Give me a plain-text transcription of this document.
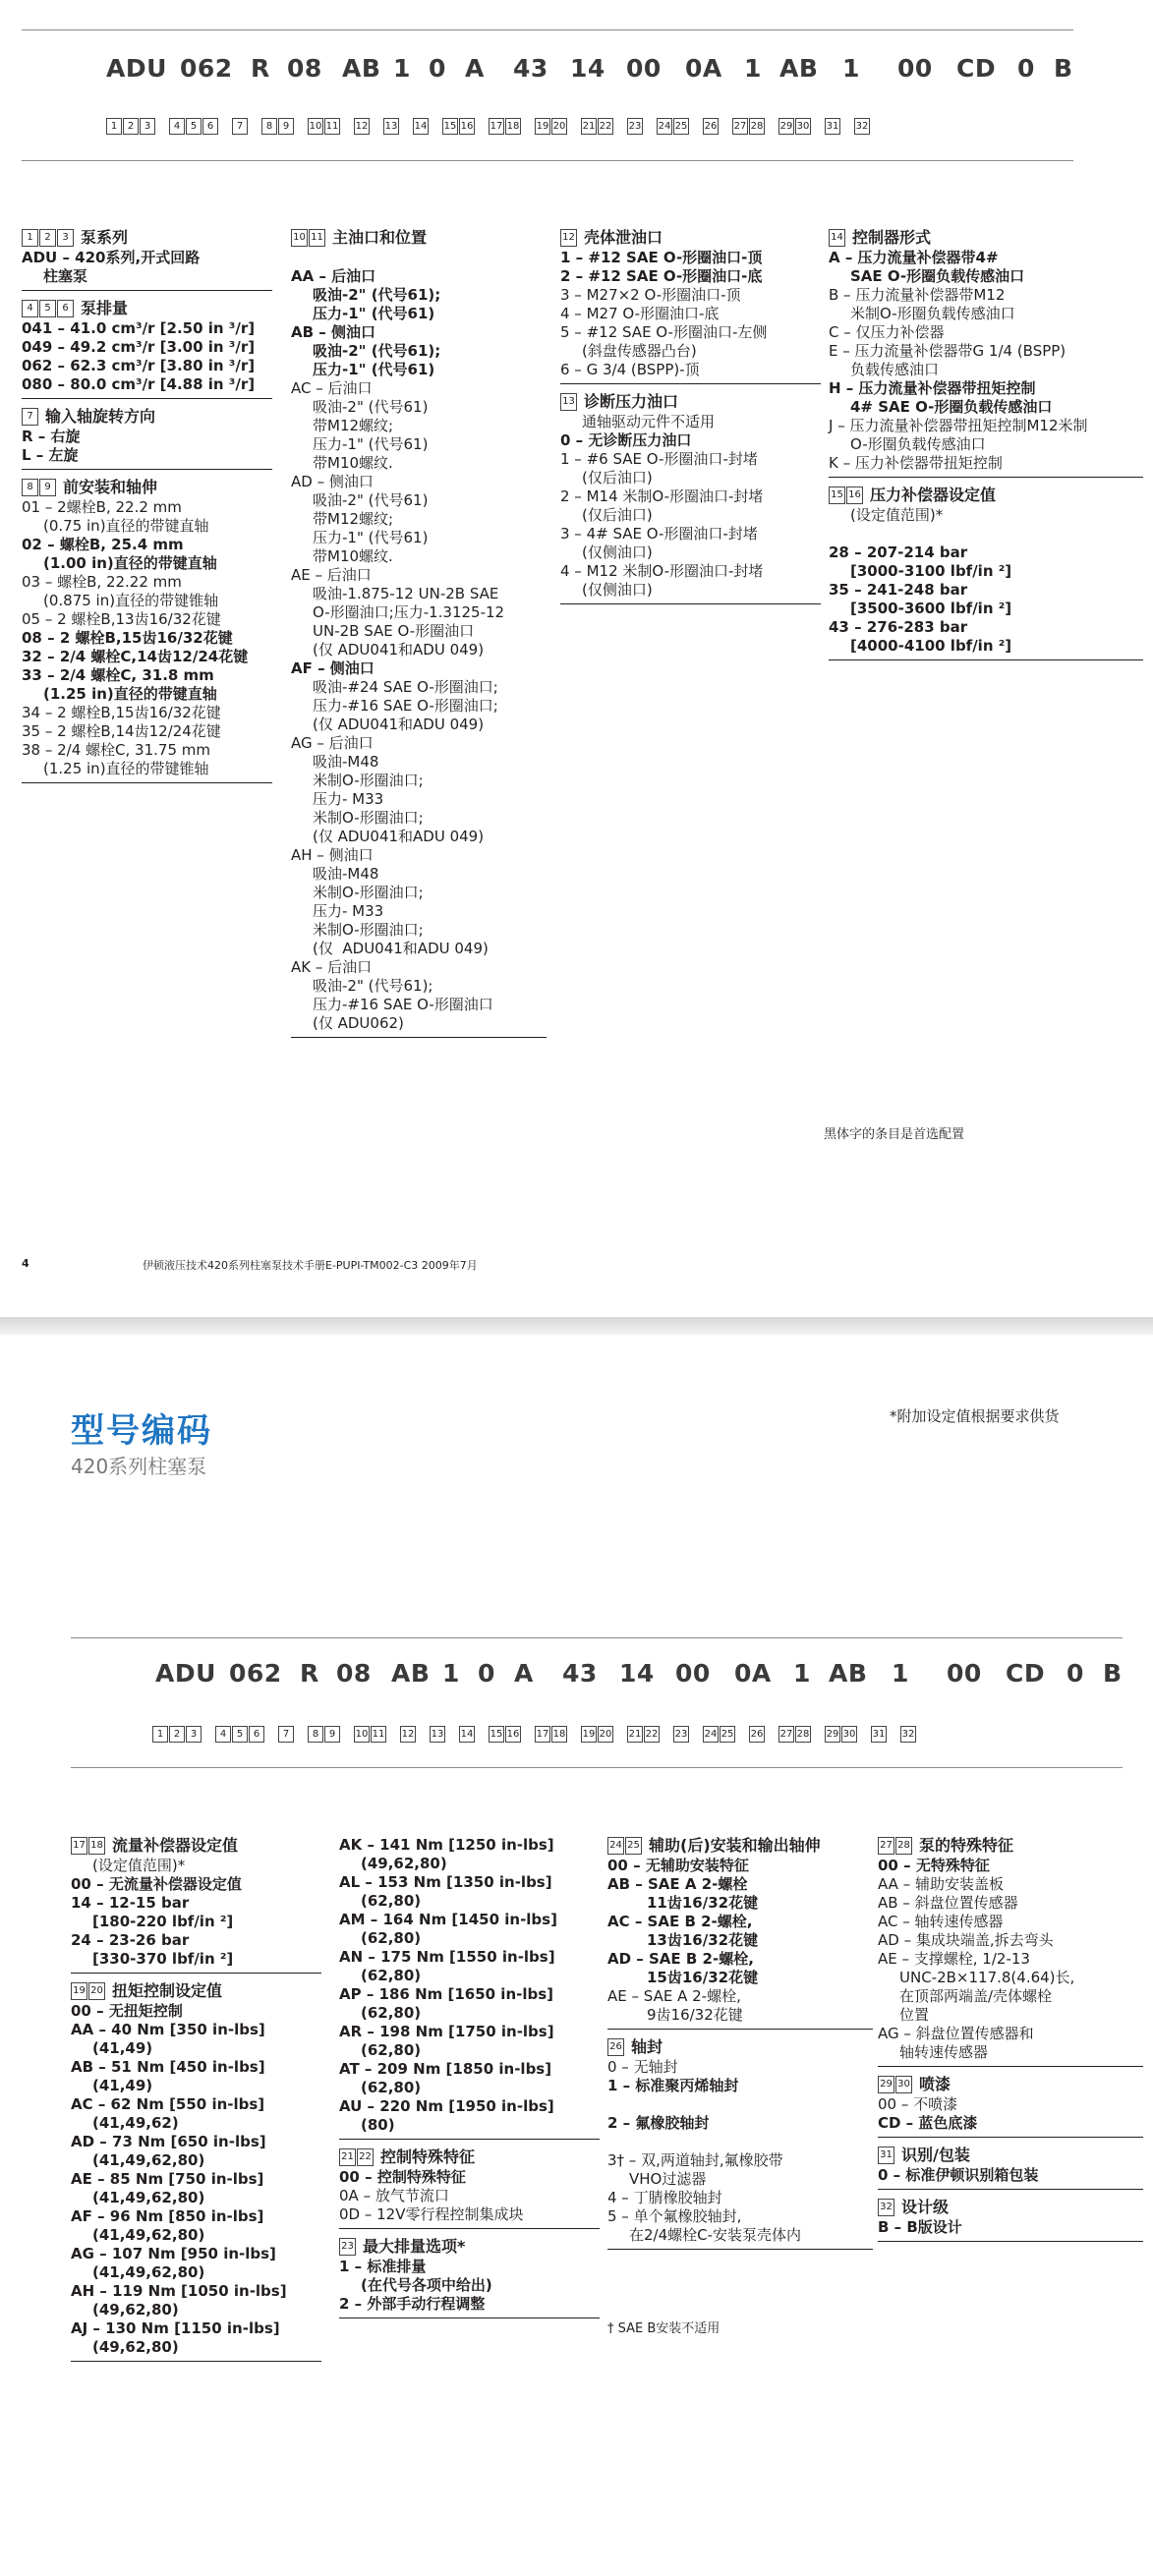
ADU 062 R 08 AB 1 0 A 43 14 00 0A 1 AB 1 00 CD 0 B
1	2	3	4	5	6	7	8	9	10 11 12 13 14 15 16 17 18 19 20 21 22 23 24 25 26 27 28 29 30 31 32
1	2	3 泵系列
ADU – 420系列,开式回路
柱塞泵
4	5	6 泵排量
041 – 41.0 cm³/r [2.50 in ³/r]
049 – 49.2 cm³/r [3.00 in ³/r]
062 – 62.3 cm³/r [3.80 in ³/r]
080 – 80.0 cm³/r [4.88 in ³/r]
7 输入轴旋转方向
R – 右旋
L – 左旋
8	9 前安装和轴伸
01 – 2螺栓B, 22.2 mm
(0.75 in)直径的带键直轴
02 – 螺栓B, 25.4 mm
(1.00 in)直径的带键直轴
03 – 螺栓B, 22.22 mm
(0.875 in)直径的带键锥轴
05 – 2 螺栓B,13齿16/32花键
08 – 2 螺栓B,15齿16/32花键
32 – 2/4 螺栓C,14齿12/24花键
33 – 2/4 螺栓C, 31.8 mm
(1.25 in)直径的带键直轴
34 – 2 螺栓B,15齿16/32花键
35 – 2 螺栓B,14齿12/24花键
38 – 2/4 螺栓C, 31.75 mm
(1.25 in)直径的带键锥轴
10 11 主油口和位置

AA – 后油口
吸油-2" (代号61);
压力-1" (代号61)
AB – 侧油口
吸油-2" (代号61);
压力-1" (代号61)
AC – 后油口
吸油-2" (代号61)
带M12螺纹;
压力-1" (代号61)
带M10螺纹.
AD – 侧油口
吸油-2" (代号61)
带M12螺纹;
压力-1" (代号61)
带M10螺纹.
AE – 后油口
吸油-1.875-12 UN-2B SAE
O-形圈油口;压力-1.3125-12
UN-2B SAE O-形圈油口
(仅 ADU041和ADU 049)
AF – 侧油口
吸油-#24 SAE O-形圈油口;
压力-#16 SAE O-形圈油口;
(仅 ADU041和ADU 049)
AG – 后油口
吸油-M48
米制O-形圈油口;
压力- M33
米制O-形圈油口;
(仅 ADU041和ADU 049)
AH – 侧油口
吸油-M48
米制O-形圈油口;
压力- M33
米制O-形圈油口;
(仅  ADU041和ADU 049)
AK – 后油口
吸油-2" (代号61);
压力-#16 SAE O-形圈油口
(仅 ADU062)
12 壳体泄油口
1 – #12 SAE O-形圈油口-顶
2 – #12 SAE O-形圈油口-底
3 – M27×2 O-形圈油口-顶
4 – M27 O-形圈油口-底
5 – #12 SAE O-形圈油口-左侧
(斜盘传感器凸台)
6 – G 3/4 (BSPP)-顶
13 诊断压力油口
通轴驱动元件不适用
0 – 无诊断压力油口
1 – #6 SAE O-形圈油口-封堵
(仅后油口)
2 – M14 米制O-形圈油口-封堵
(仅后油口)
3 – 4# SAE O-形圈油口-封堵
(仅侧油口)
4 – M12 米制O-形圈油口-封堵
(仅侧油口)
14 控制器形式
A – 压力流量补偿器带4#
SAE O-形圈负载传感油口
B – 压力流量补偿器带M12
米制O-形圈负载传感油口
C – 仅压力补偿器
E – 压力流量补偿器带G 1/4 (BSPP)
负载传感油口
H – 压力流量补偿器带扭矩控制
4# SAE O-形圈负载传感油口
J – 压力流量补偿器带扭矩控制M12米制
O-形圈负载传感油口
K – 压力补偿器带扭矩控制
15 16 压力补偿器设定值
(设定值范围)*

28 – 207-214 bar
[3000-3100 lbf/in ²]
35 – 241-248 bar
[3500-3600 lbf/in ²]
43 – 276-283 bar
[4000-4100 lbf/in ²]
黑体字的条目是首选配置
4	伊顿液压技术420系列柱塞泵技术手册E-PUPI-TM002-C3 2009年7月
型号编码
420系列柱塞泵
*附加设定值根据要求供货
ADU 062 R 08 AB 1 0 A 43 14 00 0A 1 AB 1 00 CD 0 B
1	2	3	4	5	6	7	8	9	10 11 12 13 14 15 16 17 18 19 20 21 22 23 24 25 26 27 28 29 30 31 32
17 18 流量补偿器设定值
(设定值范围)*
00 – 无流量补偿器设定值
14 – 12-15 bar
[180-220 lbf/in ²]
24 – 23-26 bar
[330-370 lbf/in ²]
19 20 扭矩控制设定值
00 – 无扭矩控制
AA – 40 Nm [350 in-lbs]
(41,49)
AB – 51 Nm [450 in-lbs]
(41,49)
AC – 62 Nm [550 in-lbs]
(41,49,62)
AD – 73 Nm [650 in-lbs]
(41,49,62,80)
AE – 85 Nm [750 in-lbs]
(41,49,62,80)
AF – 96 Nm [850 in-lbs]
(41,49,62,80)
AG – 107 Nm [950 in-lbs]
(41,49,62,80)
AH – 119 Nm [1050 in-lbs]
(49,62,80)
AJ – 130 Nm [1150 in-lbs]
(49,62,80)
AK – 141 Nm [1250 in-lbs]
(49,62,80)
AL – 153 Nm [1350 in-lbs]
(62,80)
AM – 164 Nm [1450 in-lbs]
(62,80)
AN – 175 Nm [1550 in-lbs]
(62,80)
AP – 186 Nm [1650 in-lbs]
(62,80)
AR – 198 Nm [1750 in-lbs]
(62,80)
AT – 209 Nm [1850 in-lbs]
(62,80)
AU – 220 Nm [1950 in-lbs]
(80)
21 22 控制特殊特征
00 – 控制特殊特征
0A – 放气节流口
0D – 12V零行程控制集成块
23 最大排量选项*
1 – 标准排量
(在代号各项中给出)
2 – 外部手动行程调整
24 25 辅助(后)安装和输出轴伸
00 – 无辅助安装特征
AB – SAE A 2-螺栓
11齿16/32花键
AC – SAE B 2-螺栓,
13齿16/32花键
AD – SAE B 2-螺栓,
15齿16/32花键
AE – SAE A 2-螺栓,
9齿16/32花键
26 轴封
0 – 无轴封
1 – 标准聚丙烯轴封

2 – 氟橡胶轴封

3† – 双,两道轴封,氟橡胶带
VHO过滤器
4 – 丁腈橡胶轴封
5 – 单个氟橡胶轴封,
在2/4螺栓C-安装泵壳体内
† SAE B安装不适用
27 28 泵的特殊特征
00 – 无特殊特征
AA – 辅助安装盖板
AB – 斜盘位置传感器
AC – 轴转速传感器
AD – 集成块端盖,拆去弯头
AE – 支撑螺栓, 1/2-13
UNC-2B×117.8(4.64)长,
在顶部两端盖/壳体螺栓
位置
AG – 斜盘位置传感器和
轴转速传感器
29 30 喷漆
00 – 不喷漆
CD – 蓝色底漆
31 识别/包装
0 – 标准伊顿识别箱包装
32 设计级
B – B版设计
